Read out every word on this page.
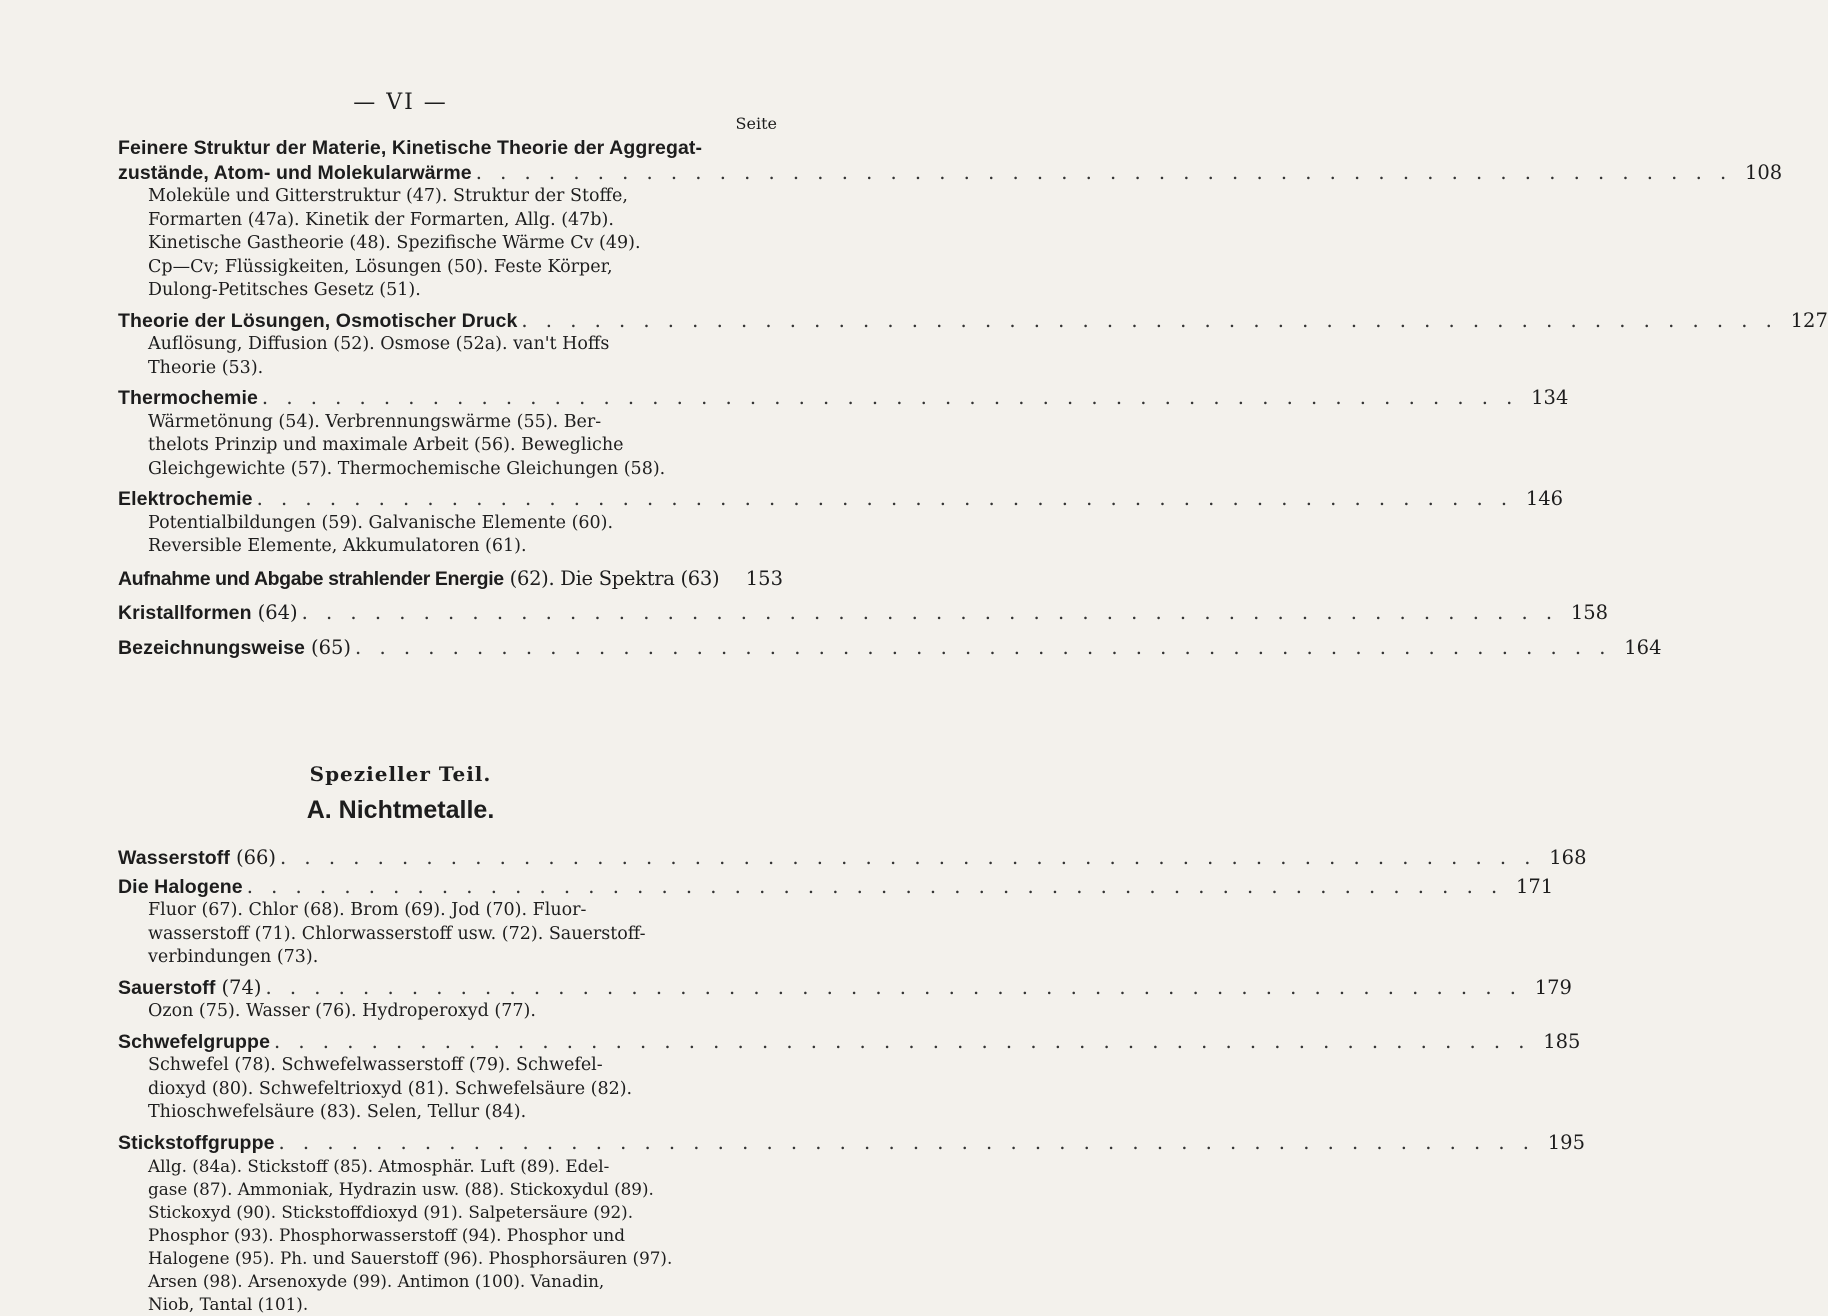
— VI —
Seite
Feinere Struktur der Materie, Kinetische Theorie der Aggregat-
zustände, Atom- und Molekularwärme . . . . . . . . . . . . . . . . . . . . . . . . . . . . . . . . . . . . . . . . . . . . . . . . . . . . 108

Moleküle und Gitterstruktur (47). Struktur der Stoffe,

Formarten (47a). Kinetik der Formarten, Allg. (47b).

Kinetische Gastheorie (48). Spezifische Wärme Cv (49).

Cp—Cv; Flüssigkeiten, Lösungen (50). Feste Körper,

Dulong-Petitsches Gesetz (51).

Theorie der Lösungen, Osmotischer Druck . . . . . . . . . . . . . . . . . . . . . . . . . . . . . . . . . . . . . . . . . . . . . . . . . . . . 127

Auflösung, Diffusion (52). Osmose (52a). van't Hoffs

Theorie (53).

Thermochemie . . . . . . . . . . . . . . . . . . . . . . . . . . . . . . . . . . . . . . . . . . . . . . . . . . . . 134

Wärmetönung (54). Verbrennungswärme (55). Ber-

thelots Prinzip und maximale Arbeit (56). Bewegliche

Gleichgewichte (57). Thermochemische Gleichungen (58).

Elektrochemie . . . . . . . . . . . . . . . . . . . . . . . . . . . . . . . . . . . . . . . . . . . . . . . . . . . . 146

Potentialbildungen (59). Galvanische Elemente (60).

Reversible Elemente, Akkumulatoren (61).

Aufnahme und Abgabe strahlender Energie (62). Die Spektra (63)	153
Kristallformen (64) . . . . . . . . . . . . . . . . . . . . . . . . . . . . . . . . . . . . . . . . . . . . . . . . . . . . 158
Bezeichnungsweise (65) . . . . . . . . . . . . . . . . . . . . . . . . . . . . . . . . . . . . . . . . . . . . . . . . . . . . 164
Spezieller Teil.
A. Nichtmetalle.
Wasserstoff (66) . . . . . . . . . . . . . . . . . . . . . . . . . . . . . . . . . . . . . . . . . . . . . . . . . . . . 168
Die Halogene . . . . . . . . . . . . . . . . . . . . . . . . . . . . . . . . . . . . . . . . . . . . . . . . . . . . 171

Fluor (67). Chlor (68). Brom (69). Jod (70). Fluor-

wasserstoff (71). Chlorwasserstoff usw. (72). Sauerstoff-

verbindungen (73).

Sauerstoff (74) . . . . . . . . . . . . . . . . . . . . . . . . . . . . . . . . . . . . . . . . . . . . . . . . . . . . 179

Ozon (75). Wasser (76). Hydroperoxyd (77).

Schwefelgruppe . . . . . . . . . . . . . . . . . . . . . . . . . . . . . . . . . . . . . . . . . . . . . . . . . . . . 185

Schwefel (78). Schwefelwasserstoff (79). Schwefel-

dioxyd (80). Schwefeltrioxyd (81). Schwefelsäure (82).

Thioschwefelsäure (83). Selen, Tellur (84).

Stickstoffgruppe . . . . . . . . . . . . . . . . . . . . . . . . . . . . . . . . . . . . . . . . . . . . . . . . . . . . 195

Allg. (84a). Stickstoff (85). Atmosphär. Luft (89). Edel-

gase (87). Ammoniak, Hydrazin usw. (88). Stickoxydul (89).

Stickoxyd (90). Stickstoffdioxyd (91). Salpetersäure (92).

Phosphor (93). Phosphorwasserstoff (94). Phosphor und

Halogene (95). Ph. und Sauerstoff (96). Phosphorsäuren (97).

Arsen (98). Arsenoxyde (99). Antimon (100). Vanadin,

Niob, Tantal (101).
